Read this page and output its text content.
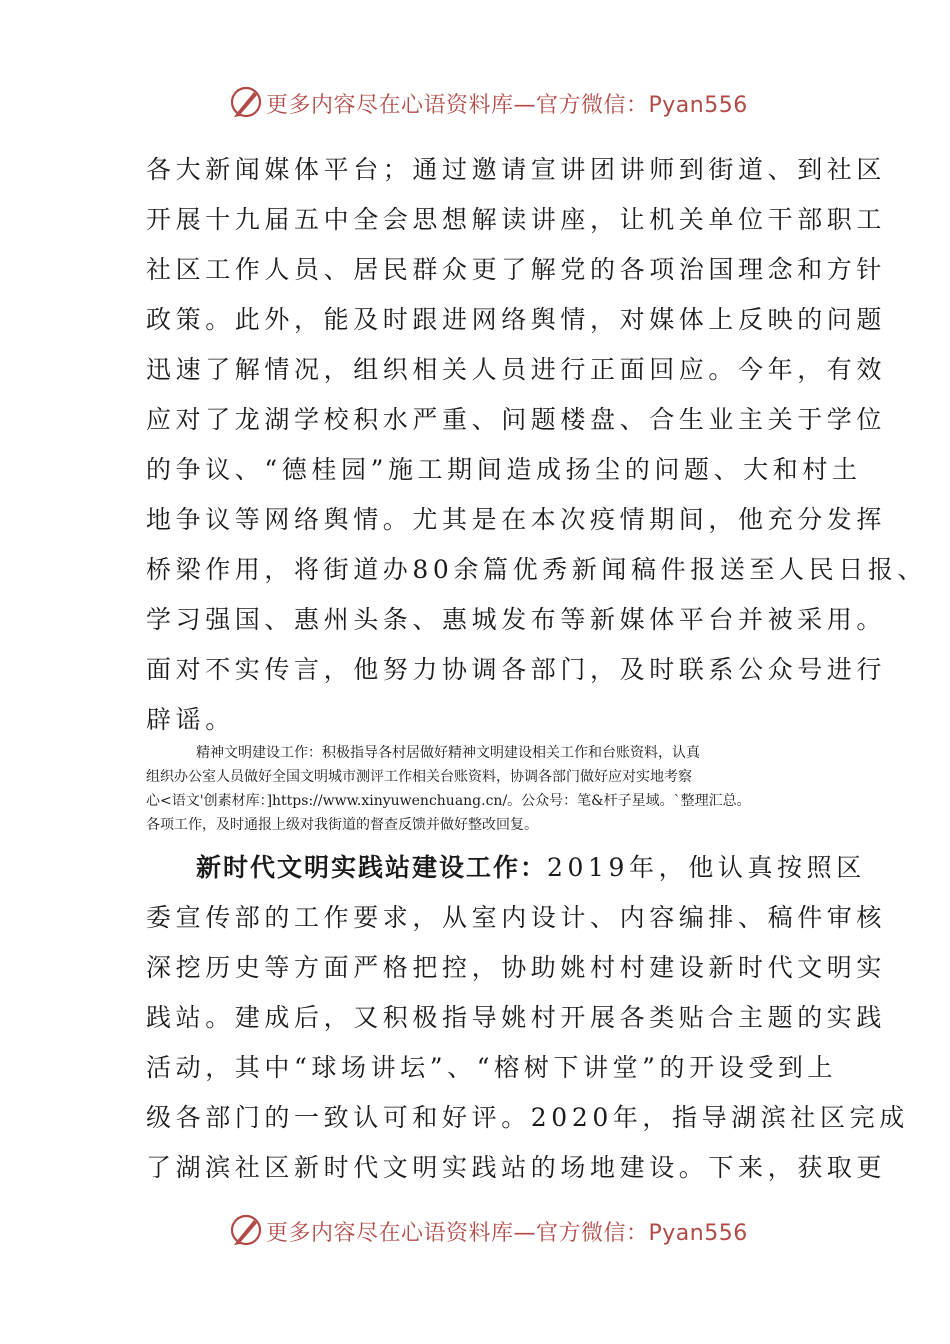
更多内容尽在心语资料库—官方微信：Pyan556
各大新闻媒体平台；通过邀请宣讲团讲师到街道、到社区
开展十九届五中全会思想解读讲座，让机关单位干部职工
社区工作人员、居民群众更了解党的各项治国理念和方针
政策。此外，能及时跟进网络舆情，对媒体上反映的问题
迅速了解情况，组织相关人员进行正面回应。今年，有效
应对了龙湖学校积水严重、问题楼盘、合生业主关于学位
的争议、“德桂园”施工期间造成扬尘的问题、大和村土
地争议等网络舆情。尤其是在本次疫情期间，他充分发挥
桥梁作用，将街道办80余篇优秀新闻稿件报送至人民日报、
学习强国、惠州头条、惠城发布等新媒体平台并被采用。
面对不实传言，他努力协调各部门，及时联系公众号进行
辟谣。
精神文明建设工作：积极指导各村居做好精神文明建设相关工作和台账资料，认真
组织办公室人员做好全国文明城市测评工作相关台账资料，协调各部门做好应对实地考察
心<语文'创素材库：]https://www.xinyuwenchuang.cn/。公众号：笔&杆子星域。`整理汇总。
各项工作，及时通报上级对我街道的督查反馈并做好整改回复。
新时代文明实践站建设工作：2019年，他认真按照区
委宣传部的工作要求，从室内设计、内容编排、稿件审核
深挖历史等方面严格把控，协助姚村村建设新时代文明实
践站。建成后，又积极指导姚村开展各类贴合主题的实践
活动，其中“球场讲坛”、“榕树下讲堂”的开设受到上
级各部门的一致认可和好评。2020年，指导湖滨社区完成
了湖滨社区新时代文明实践站的场地建设。下来，获取更
更多内容尽在心语资料库—官方微信：Pyan556
